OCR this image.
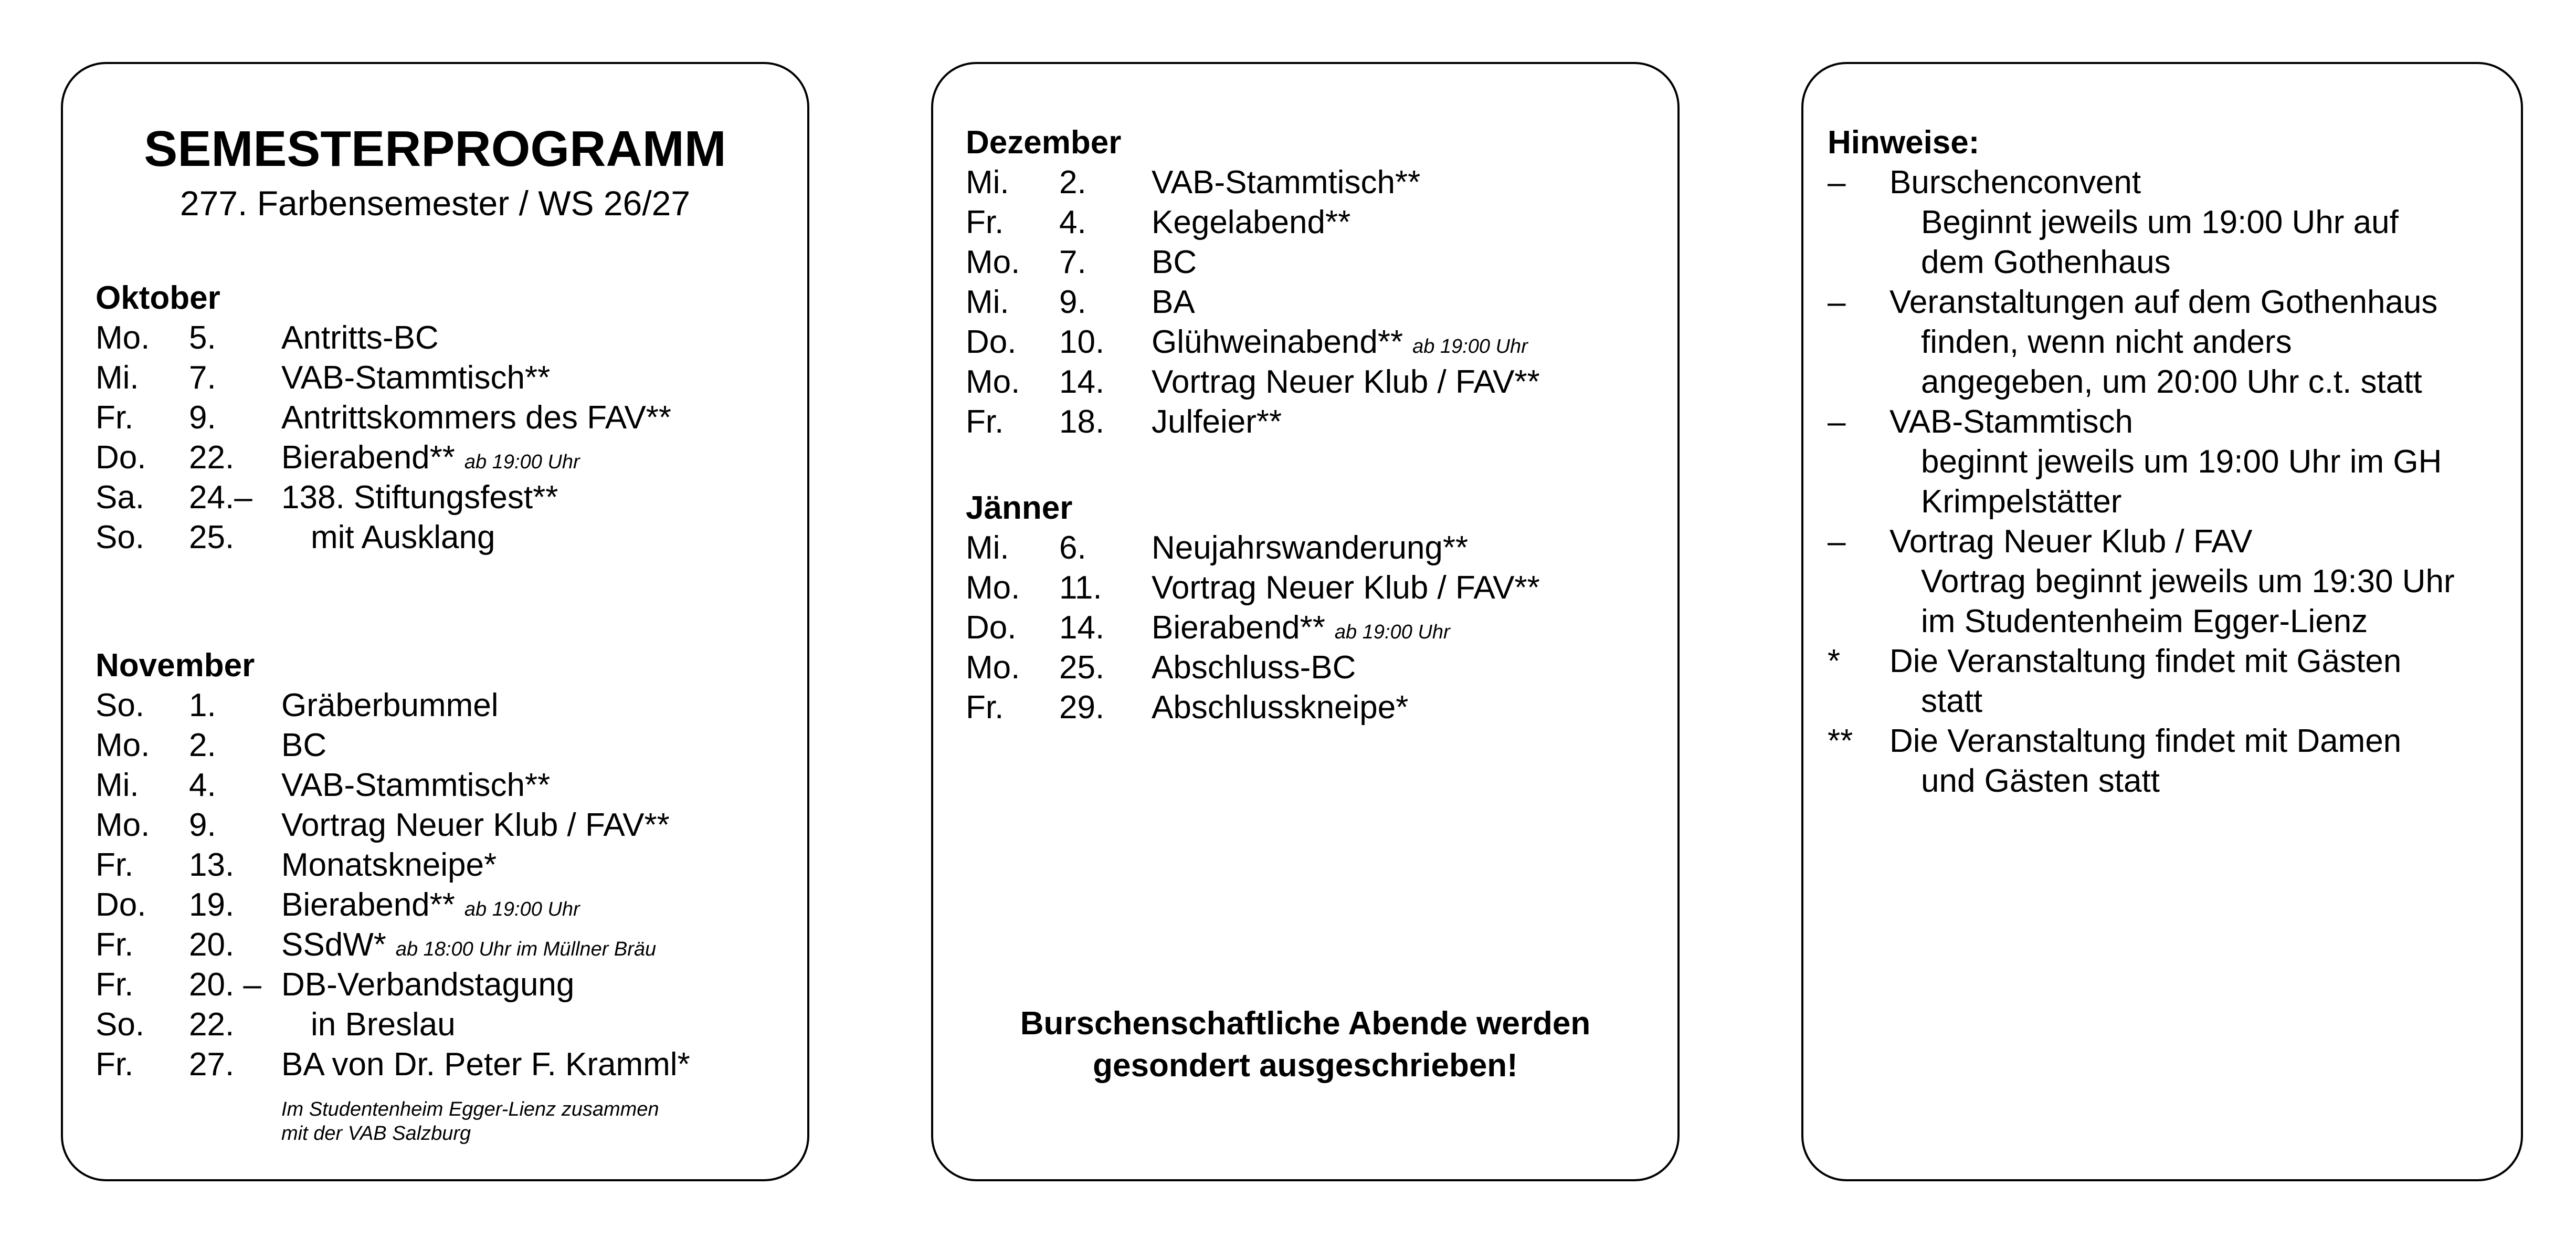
SEMESTERPROGRAMM
277. Farbensemester / WS 26/27
Oktober
Mo. 5. Antritts-BC
Mi. 7. VAB-Stammtisch**
Fr. 9. Antrittskommers des FAV**
Do. 22. Bierabend** ab 19:00 Uhr
Sa. 24.– 138. Stiftungsfest**
So. 25. mit Ausklang
November
So. 1. Gräberbummel
Mo. 2. BC
Mi. 4. VAB-Stammtisch**
Mo. 9. Vortrag Neuer Klub / FAV**
Fr. 13. Monatskneipe*
Do. 19. Bierabend** ab 19:00 Uhr
Fr. 20. SSdW* ab 18:00 Uhr im Müllner Bräu
Fr. 20. – DB-Verbandstagung
So. 22. in Breslau
Fr. 27. BA von Dr. Peter F. Kramml*
Im Studentenheim Egger-Lienz zusammen
mit der VAB Salzburg
Dezember
Mi. 2. VAB-Stammtisch**
Fr. 4. Kegelabend**
Mo. 7. BC
Mi. 9. BA
Do. 10. Glühweinabend** ab 19:00 Uhr
Mo. 14. Vortrag Neuer Klub / FAV**
Fr. 18. Julfeier**
Jänner
Mi. 6. Neujahrswanderung**
Mo. 11. Vortrag Neuer Klub / FAV**
Do. 14. Bierabend** ab 19:00 Uhr
Mo. 25. Abschluss-BC
Fr. 29. Abschlusskneipe*
Burschenschaftliche Abende werden
gesondert ausgeschrieben!
Hinweise:
–	Burschenconvent
Beginnt jeweils um 19:00 Uhr auf
dem Gothenhaus
–	Veranstaltungen auf dem Gothenhaus
finden, wenn nicht anders
angegeben, um 20:00 Uhr c.t. statt
–	VAB-Stammtisch
beginnt jeweils um 19:00 Uhr im GH
Krimpelstätter
–	Vortrag Neuer Klub / FAV
Vortrag beginnt jeweils um 19:30 Uhr
im Studentenheim Egger-Lienz
*	Die Veranstaltung findet mit Gästen
statt
**	Die Veranstaltung findet mit Damen
und Gästen statt
